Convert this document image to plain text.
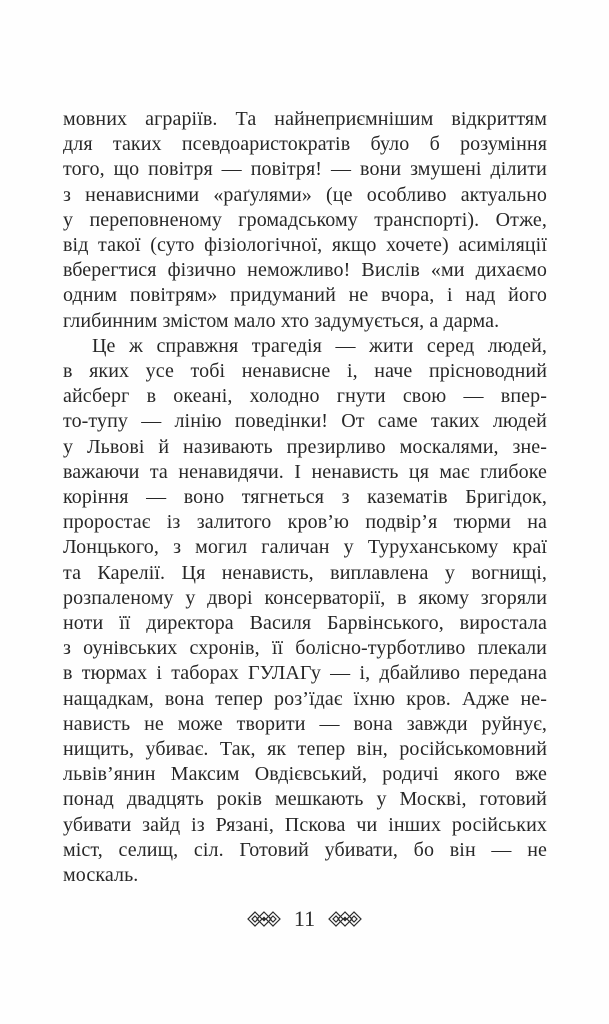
мовних аграріїв. Та найнеприємнішим відкриттям
для таких псевдоаристократів було б розуміння
того, що повітря — повітря! — вони змушені ділити
з ненависними «раґулями» (це особливо актуально
у переповненому громадському транспорті). Отже,
від такої (суто фізіологічної, якщо хочете) асиміляції
вберегтися фізично неможливо! Вислів «ми дихаємо
одним повітрям» придуманий не вчора, і над його
глибинним змістом мало хто задумується, а дарма.
Це ж справжня трагедія — жити серед людей,
в яких усе тобі ненависне і, наче прісноводний
айсберг в океані, холодно гнути свою — впер-
то-тупу — лінію поведінки! От саме таких людей
у Львові й називають презирливо москалями, зне-
важаючи та ненавидячи. І ненависть ця має глибоке
коріння — воно тягнеться з казематів Бригідок,
проростає із залитого кров’ю подвір’я тюрми на
Лонцького, з могил галичан у Туруханському краї
та Карелії. Ця ненависть, виплавлена у вогнищі,
розпаленому у дворі консерваторії, в якому згоряли
ноти її директора Василя Барвінського, виростала
з оунівських схронів, її болісно-турботливо плекали
в тюрмах і таборах ГУЛАГу — і, дбайливо передана
нащадкам, вона тепер роз’їдає їхню кров. Адже не-
нависть не може творити — вона завжди руйнує,
нищить, убиває. Так, як тепер він, російськомовний
львів’янин Максим Овдієвський, родичі якого вже
понад двадцять років мешкають у Москві, готовий
убивати зайд із Рязані, Пскова чи інших російських
міст, селищ, сіл. Готовий убивати, бо він — не
москаль.
11
